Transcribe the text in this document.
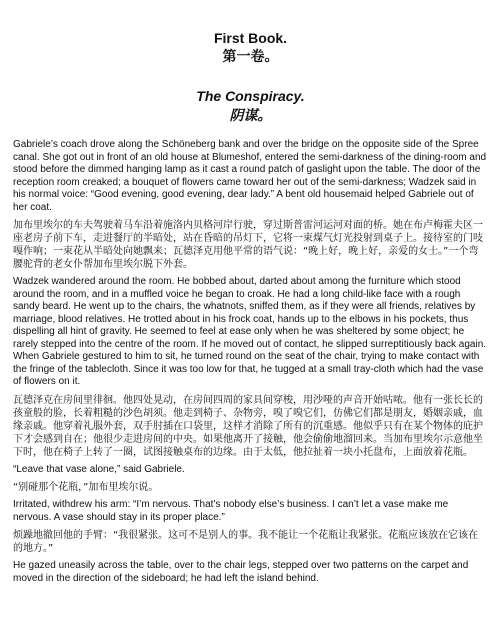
First Book.
第一卷。
The Conspiracy.
阴谋。

Gabriele’s coach drove along the Schöneberg bank and over the bridge on the opposite side of the Spree canal. She got out in front of an old house at Blumeshof, entered the semi-darkness of the dining-room and stood before the dimmed hanging lamp as it cast a round patch of gaslight upon the table. The door of the reception room creaked; a bouquet of flowers came toward her out of the semi-darkness; Wadzek said in his normal voice: “Good evening, good evening, dear lady.” A bent old housemaid helped Gabriele out of her coat.

加布里埃尔的车夫驾驶着马车沿着施洛内贝格河岸行驶，穿过斯普雷河运河对面的桥。她在布卢梅霍夫区一座老房子前下车，走进餐厅的半暗处，站在昏暗的吊灯下，它将一束煤气灯光投射到桌子上。接待室的门吱嘎作响；一束花从半暗处向她飘来；瓦德泽克用他平常的语气说：“晚上好，晚上好，亲爱的女士。”一个弯腰驼背的老女仆帮加布里埃尔脱下外套。

Wadzek wandered around the room. He bobbed about, darted about among the furniture which stood around the room, and in a muffled voice he began to croak. He had a long child-like face with a rough sandy beard. He went up to the chairs, the whatnots, sniffed them, as if they were all friends, relatives by marriage, blood relatives. He trotted about in his frock coat, hands up to the elbows in his pockets, thus dispelling all hint of gravity. He seemed to feel at ease only when he was sheltered by some object; he rarely stepped into the centre of the room. If he moved out of contact, he slipped surreptitiously back again. When Gabriele gestured to him to sit, he turned round on the seat of the chair, trying to make contact with the fringe of the tablecloth. Since it was too low for that, he tugged at a small tray-cloth which had the vase of flowers on it.

瓦德泽克在房间里徘徊。他四处晃动，在房间四周的家具间穿梭，用沙哑的声音开始咕哝。他有一张长长的孩童般的脸，长着粗糙的沙色胡须。他走到椅子、杂物旁，嗅了嗅它们，仿佛它们都是朋友，婚姻亲戚，血缘亲戚。他穿着礼服外套，双手肘插在口袋里，这样才消除了所有的沉重感。他似乎只有在某个物体的庇护下才会感到自在；他很少走进房间的中央。如果他离开了接触，他会偷偷地溜回来。当加布里埃尔示意他坐下时，他在椅子上转了一圈，试图接触桌布的边缘。由于太低，他拉扯着一块小托盘布，上面放着花瓶。

“Leave that vase alone,” said Gabriele.

“别碰那个花瓶，”加布里埃尔说。

Irritated, withdrew his arm: “I’m nervous. That’s nobody else’s business. I can’t let a vase make me nervous. A vase should stay in its proper place.”

烦躁地撤回他的手臂：“我很紧张。这可不是别人的事。我不能让一个花瓶让我紧张。花瓶应该放在它该在的地方。”

He gazed uneasily across the table, over to the chair legs, stepped over two patterns on the carpet and moved in the direction of the sideboard; he had left the island behind.
